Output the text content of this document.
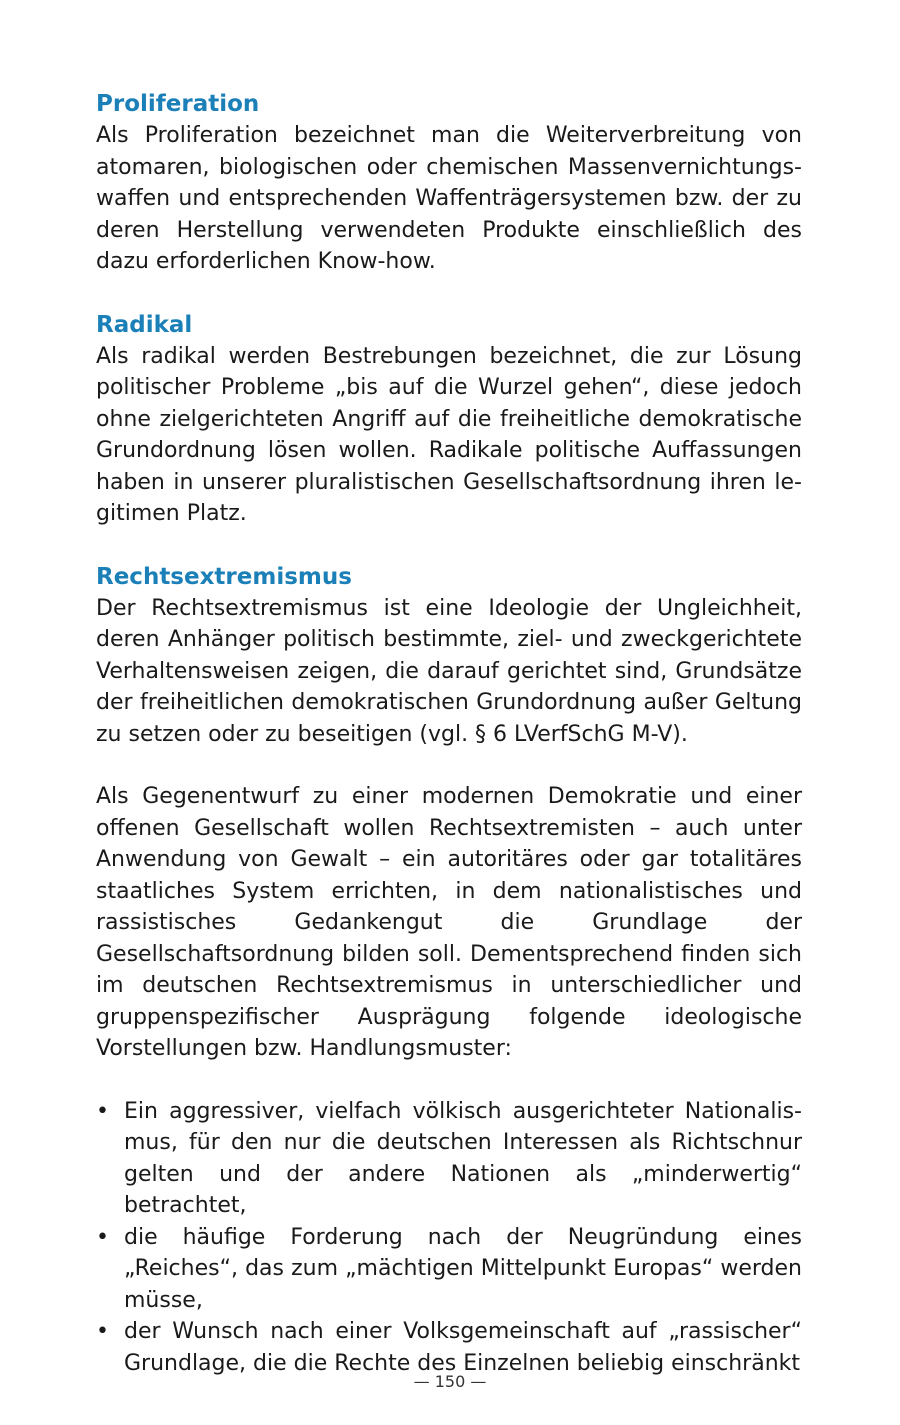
Proliferation

Als Proliferation bezeichnet man die Weiterverbreitung von atomaren, biologischen oder chemischen Massenvernichtungswaffen und entsprechenden Waffenträgersystemen bzw. der zu deren Herstellung verwendeten Produkte einschließlich des dazu erforderlichen Know-how.

Radikal

Als radikal werden Bestrebungen bezeichnet, die zur Lösung politischer Probleme „bis auf die Wurzel gehen“, diese jedoch ohne zielgerichteten Angriff auf die freiheitliche demokratische Grundordnung lösen wollen. Radikale politische Auffassungen haben in unserer pluralistischen Gesellschaftsordnung ihren legitimen Platz.

Rechtsextremismus

Der Rechtsextremismus ist eine Ideologie der Ungleichheit, deren Anhänger politisch bestimmte, ziel- und zweckgerichtete Verhaltensweisen zeigen, die darauf gerichtet sind, Grundsätze der freiheitlichen demokratischen Grundordnung außer Geltung zu setzen oder zu beseitigen (vgl. § 6 LVerfSchG M-V).

Als Gegenentwurf zu einer modernen Demokratie und einer offenen Gesellschaft wollen Rechtsextremisten – auch unter Anwendung von Gewalt – ein autoritäres oder gar totalitäres staatliches System errichten, in dem nationalistisches und rassistisches Gedankengut die Grundlage der Gesellschaftsordnung bilden soll. Dementsprechend finden sich im deutschen Rechtsextremismus in unterschiedlicher und gruppenspezifischer Ausprägung folgende ideologische Vorstellungen bzw. Handlungsmuster:

• Ein aggressiver, vielfach völkisch ausgerichteter Nationalismus, für den nur die deutschen Interessen als Richtschnur gelten und der andere Nationen als „minderwertig“ betrachtet,
• die häufige Forderung nach der Neugründung eines „Reiches“, das zum „mächtigen Mittelpunkt Europas“ werden müsse,
• der Wunsch nach einer Volksgemeinschaft auf „rassischer“ Grundlage, die die Rechte des Einzelnen beliebig einschränkt
— 150 —
